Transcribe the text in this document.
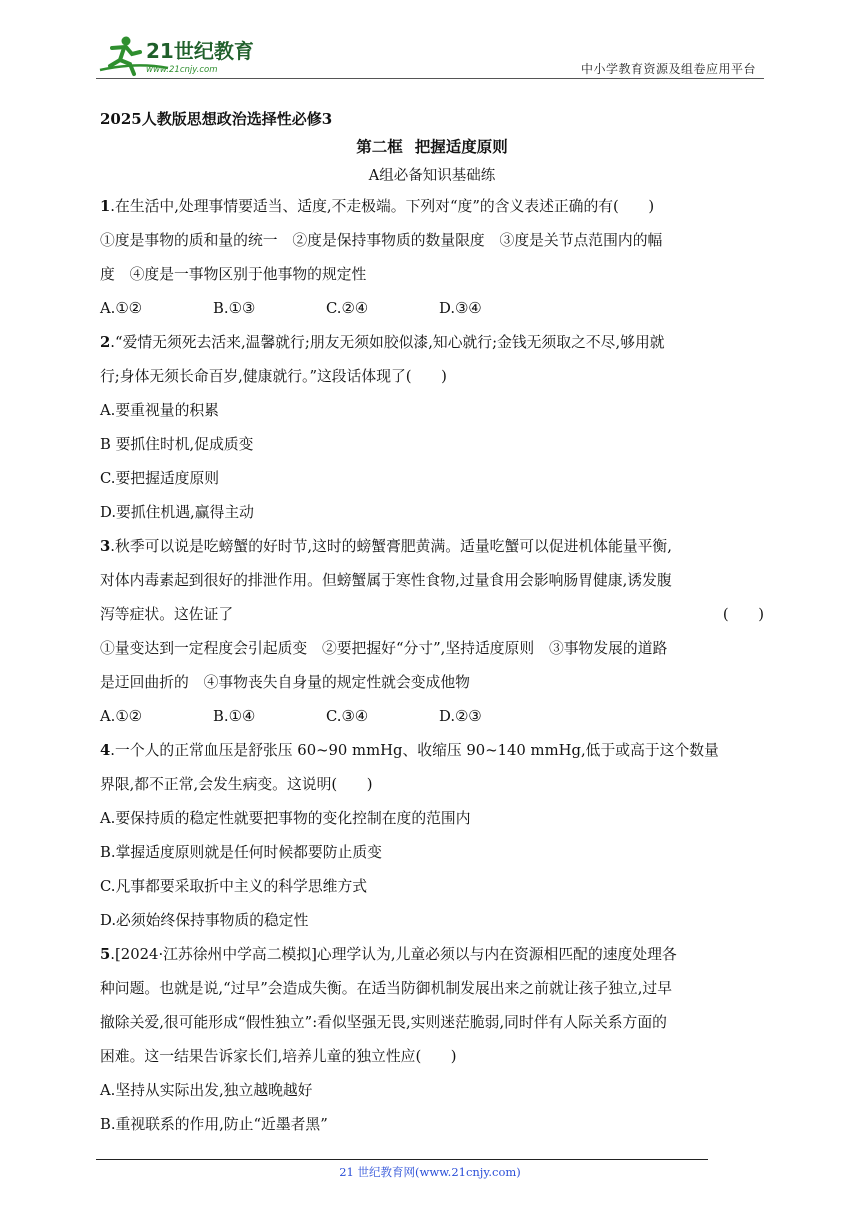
21世纪教育
www.21cnjy.com	中小学教育资源及组卷应用平台
2025人教版思想政治选择性必修3
第二框 把握适度原则
A组必备知识基础练
1.在生活中,处理事情要适当、适度,不走极端。下列对“度”的含义表述正确的有(　　)
①度是事物的质和量的统一　②度是保持事物质的数量限度　③度是关节点范围内的幅
度　④度是一事物区别于他事物的规定性
A.①②	B.①③	C.②④	D.③④
2.“爱情无须死去活来,温馨就行;朋友无须如胶似漆,知心就行;金钱无须取之不尽,够用就
行;身体无须长命百岁,健康就行。”这段话体现了(　　)
A.要重视量的积累
B 要抓住时机,促成质变
C.要把握适度原则
D.要抓住机遇,赢得主动
3.秋季可以说是吃螃蟹的好时节,这时的螃蟹膏肥黄满。适量吃蟹可以促进机体能量平衡,
对体内毒素起到很好的排泄作用。但螃蟹属于寒性食物,过量食用会影响肠胃健康,诱发腹
泻等症状。这佐证了	(　　)
①量变达到一定程度会引起质变　②要把握好“分寸”,坚持适度原则　③事物发展的道路
是迂回曲折的　④事物丧失自身量的规定性就会变成他物
A.①②	B.①④	C.③④	D.②③
4.一个人的正常血压是舒张压 60~90 mmHg、收缩压 90~140 mmHg,低于或高于这个数量
界限,都不正常,会发生病变。这说明(　　)
A.要保持质的稳定性就要把事物的变化控制在度的范围内
B.掌握适度原则就是任何时候都要防止质变
C.凡事都要采取折中主义的科学思维方式
D.必须始终保持事物质的稳定性
5.[2024·江苏徐州中学高二模拟]心理学认为,儿童必须以与内在资源相匹配的速度处理各
种问题。也就是说,“过早”会造成失衡。在适当防御机制发展出来之前就让孩子独立,过早
撤除关爱,很可能形成“假性独立”:看似坚强无畏,实则迷茫脆弱,同时伴有人际关系方面的
困难。这一结果告诉家长们,培养儿童的独立性应(　　)
A.坚持从实际出发,独立越晚越好
B.重视联系的作用,防止“近墨者黑”
21 世纪教育网(www.21cnjy.com)
